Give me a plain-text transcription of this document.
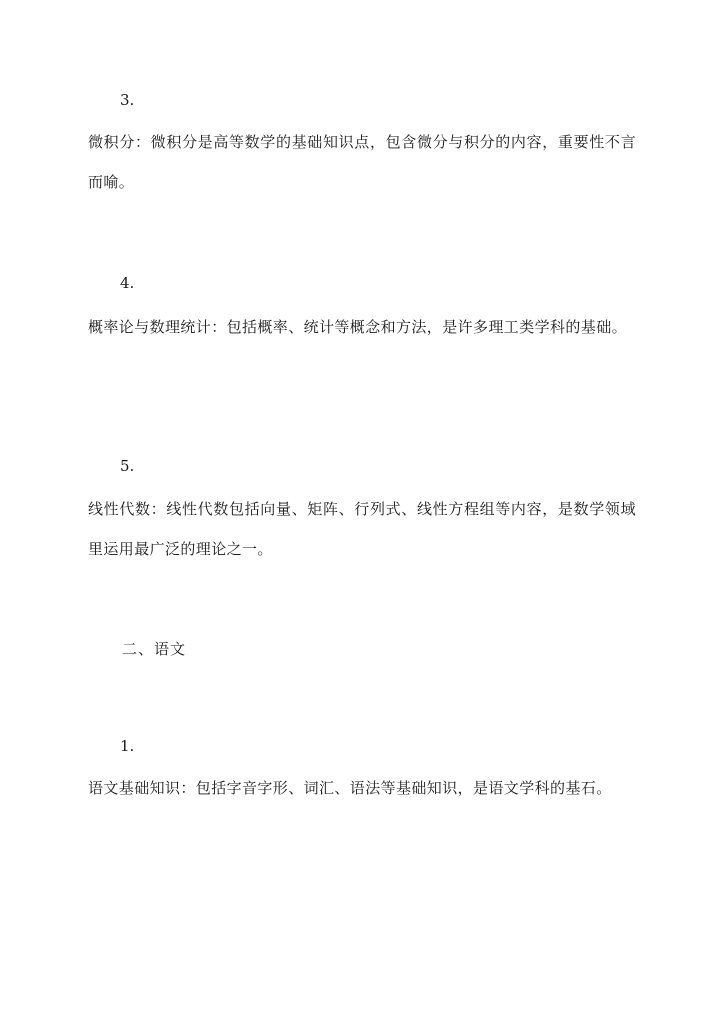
3.
微积分：微积分是高等数学的基础知识点，包含微分与积分的内容，重要性不言而喻。
4.
概率论与数理统计：包括概率、统计等概念和方法，是许多理工类学科的基础。
5.
线性代数：线性代数包括向量、矩阵、行列式、线性方程组等内容，是数学领域里运用最广泛的理论之一。
二、语文
1.
语文基础知识：包括字音字形、词汇、语法等基础知识，是语文学科的基石。
